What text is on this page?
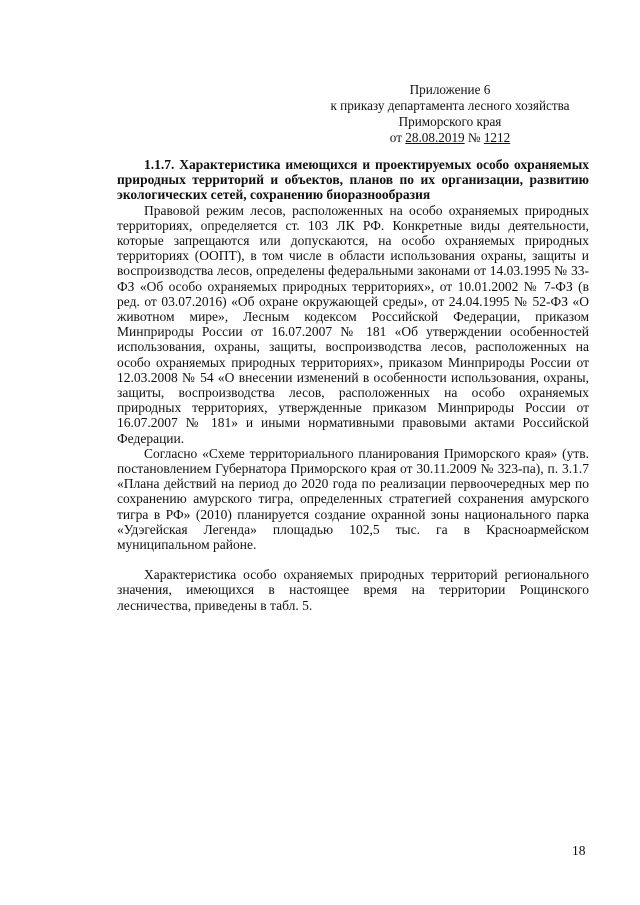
Приложение 6
к приказу департамента лесного хозяйства
Приморского края
от 28.08.2019 № 1212

1.1.7. Характеристика имеющихся и проектируемых особо охраняемых природных территорий и объектов, планов по их организации, развитию экологических сетей, сохранению биоразнообразия

Правовой режим лесов, расположенных на особо охраняемых природных территориях, определяется ст. 103 ЛК РФ. Конкретные виды деятельности, которые запрещаются или допускаются, на особо охраняемых природных территориях (ООПТ), в том числе в области использования охраны, защиты и воспроизводства лесов, определены федеральными законами от 14.03.1995 № 33-ФЗ «Об особо охраняемых природных территориях», от 10.01.2002 № 7-ФЗ (в ред. от 03.07.2016) «Об охране окружающей среды», от 24.04.1995 № 52-ФЗ «О животном мире», Лесным кодексом Российской Федерации, приказом Минприроды России от 16.07.2007 № 181 «Об утверждении особенностей использования, охраны, защиты, воспроизводства лесов, расположенных на особо охраняемых природных территориях», приказом Минприроды России от 12.03.2008 № 54 «О внесении изменений в особенности использования, охраны, защиты, воспроизводства лесов, расположенных на особо охраняемых природных территориях, утвержденные приказом Минприроды России от 16.07.2007 № 181» и иными нормативными правовыми актами Российской Федерации.

Согласно «Схеме территориального планирования Приморского края» (утв. постановлением Губернатора Приморского края от 30.11.2009 № 323-па), п. 3.1.7 «Плана действий на период до 2020 года по реализации первоочередных мер по сохранению амурского тигра, определенных стратегией сохранения амурского тигра в РФ» (2010) планируется создание охранной зоны национального парка «Удэгейская Легенда» площадью 102,5 тыс. га в Красноармейском муниципальном районе.

Характеристика особо охраняемых природных территорий регионального значения, имеющихся в настоящее время на территории Рощинского лесничества, приведены в табл. 5.

18
